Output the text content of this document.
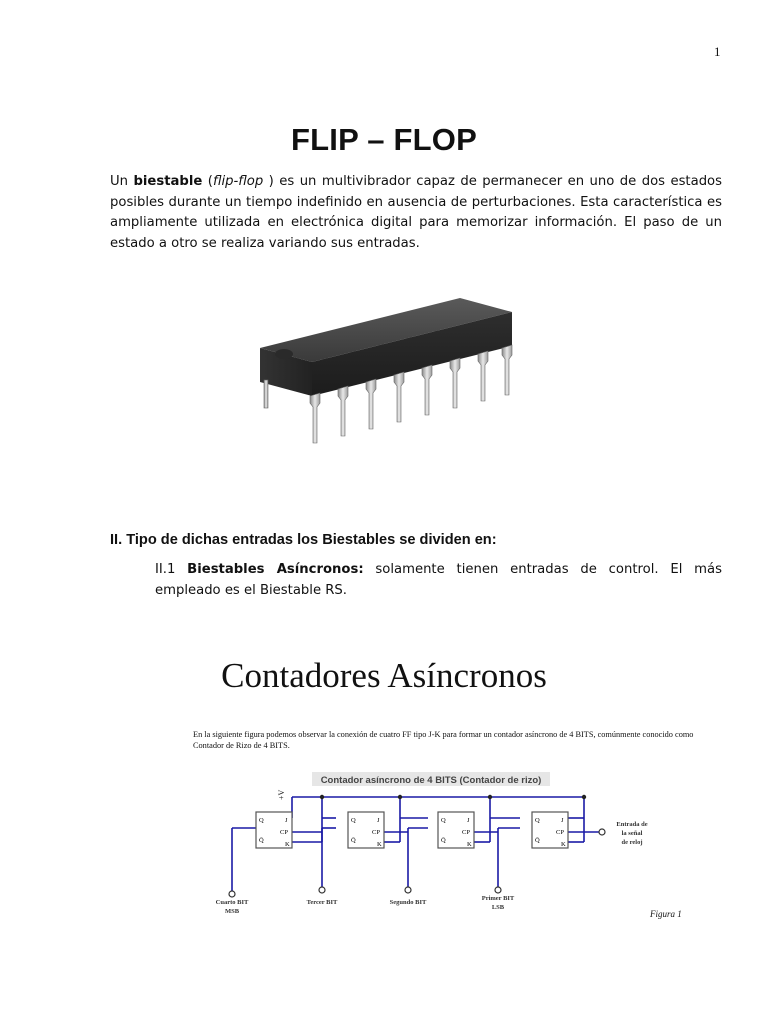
1
FLIP – FLOP

Un biestable (flip-flop ) es un multivibrador capaz de permanecer en uno de dos estados posibles durante un tiempo indefinido en ausencia de perturbaciones. Esta característica es ampliamente utilizada en electrónica digital para memorizar información. El paso de un estado a otro se realiza variando sus entradas.

II. Tipo de dichas entradas los Biestables se dividen en:

II.1 Biestables Asíncronos: solamente tienen entradas de control. El más empleado es el Biestable RS.

Contadores Asíncronos
En la siguiente figura podemos observar la conexión de cuatro FF tipo J-K para formar un contador asíncrono de 4 BITS, comúnmente conocido como Contador de Rizo de 4 BITS.
Contador asíncrono de 4 BITS (Contador de rizo)
+V
Q
Q̄
J
CP
K
Q
Q̄
J
CP
K
Q
Q̄
J
CP
K
Q
Q̄
J
CP
K
Entrada de
la señal
de reloj
Cuarto BIT
MSB
Tercer BIT	Segundo BIT
Primer BIT
LSB
Figura 1
